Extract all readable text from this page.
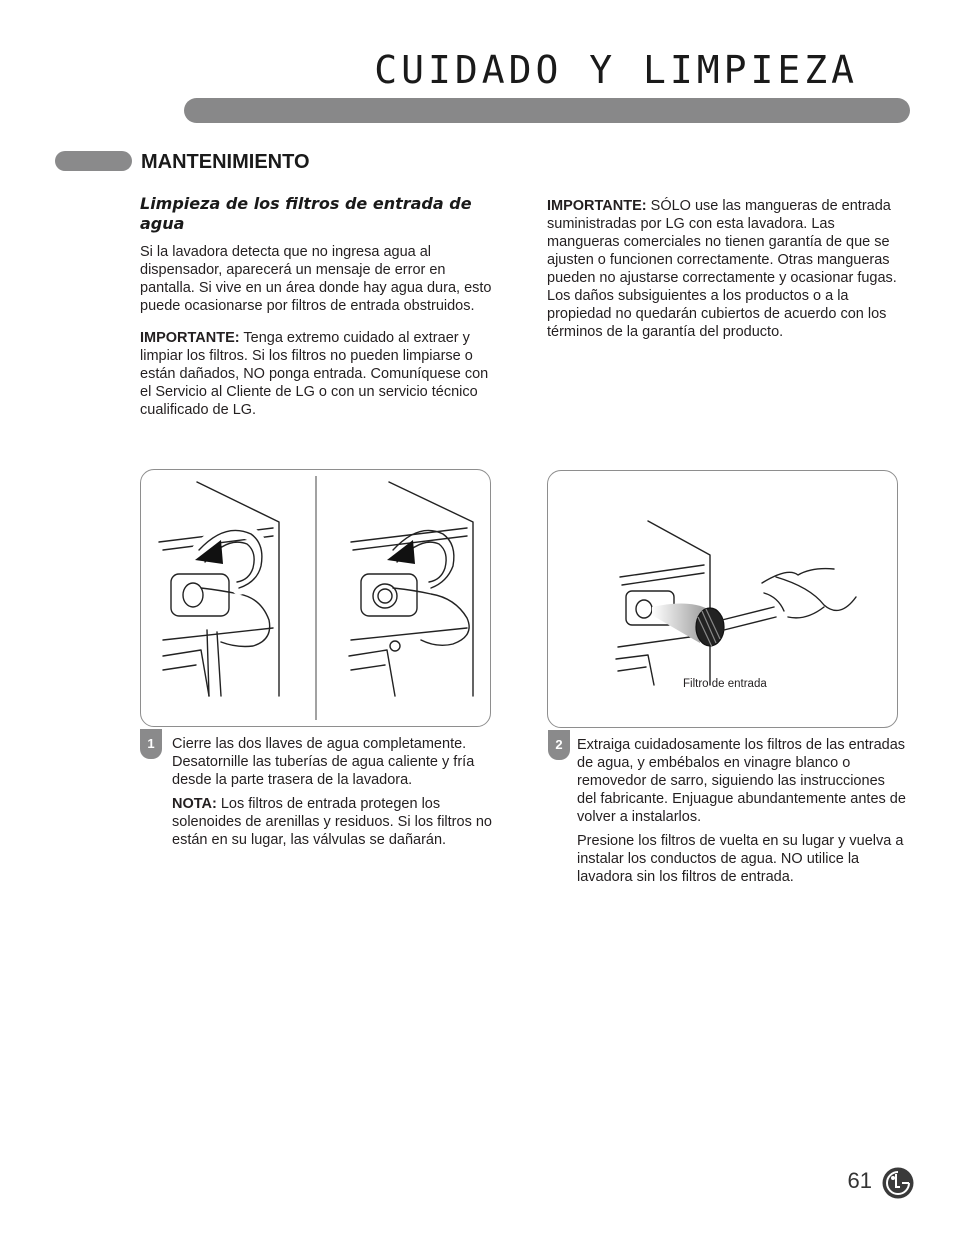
CUIDADO Y LIMPIEZA
MANTENIMIENTO
Limpieza de los filtros de entrada de agua

Si la lavadora detecta que no ingresa agua al dispensador, aparecerá un mensaje de error en pantalla. Si vive en un área donde hay agua dura, esto puede ocasionarse por filtros de entrada obstruidos.

IMPORTANTE: Tenga extremo cuidado al extraer y limpiar los filtros. Si los filtros no pueden limpiarse o están dañados, NO ponga entrada. Comuníquese con el Servicio al Cliente de LG o con un servicio técnico cualificado de LG.

IMPORTANTE: SÓLO use las mangueras de entrada suministradas por LG con esta lavadora. Las mangueras comerciales no tienen garantía de que se ajusten o funcionen correctamente. Otras mangueras pueden no ajustarse correctamente y ocasionar fugas. Los daños subsiguientes a los productos o a la propiedad no quedarán cubiertos de acuerdo con los términos de la garantía del producto.

1	Cierre las dos llaves de agua completamente. Desatornille las tuberías de agua caliente y fría desde la parte trasera de la lavadora.

NOTA: Los filtros de entrada protegen los solenoides de arenillas y residuos. Si los filtros no están en su lugar, las válvulas se dañarán.

Filtro de entrada
2 Extraiga cuidadosamente los filtros de las entradas de agua, y embébalos en vinagre blanco o removedor de sarro, siguiendo las instrucciones del fabricante. Enjuague abundantemente antes de volver a instalarlos.

Presione los filtros de vuelta en su lugar y vuelva a instalar los conductos de agua. NO utilice la lavadora sin los filtros de entrada.

61
